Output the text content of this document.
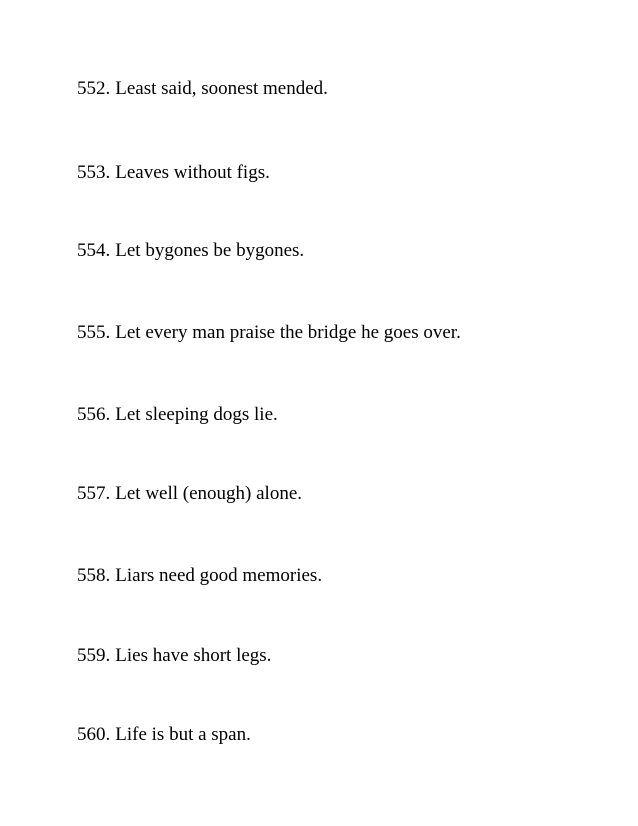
552. Least said, soonest mended.
553. Leaves without figs.
554. Let bygones be bygones.
555. Let every man praise the bridge he goes over.
556. Let sleeping dogs lie.
557. Let well (enough) alone.
558. Liars need good memories.
559. Lies have short legs.
560. Life is but a span.
